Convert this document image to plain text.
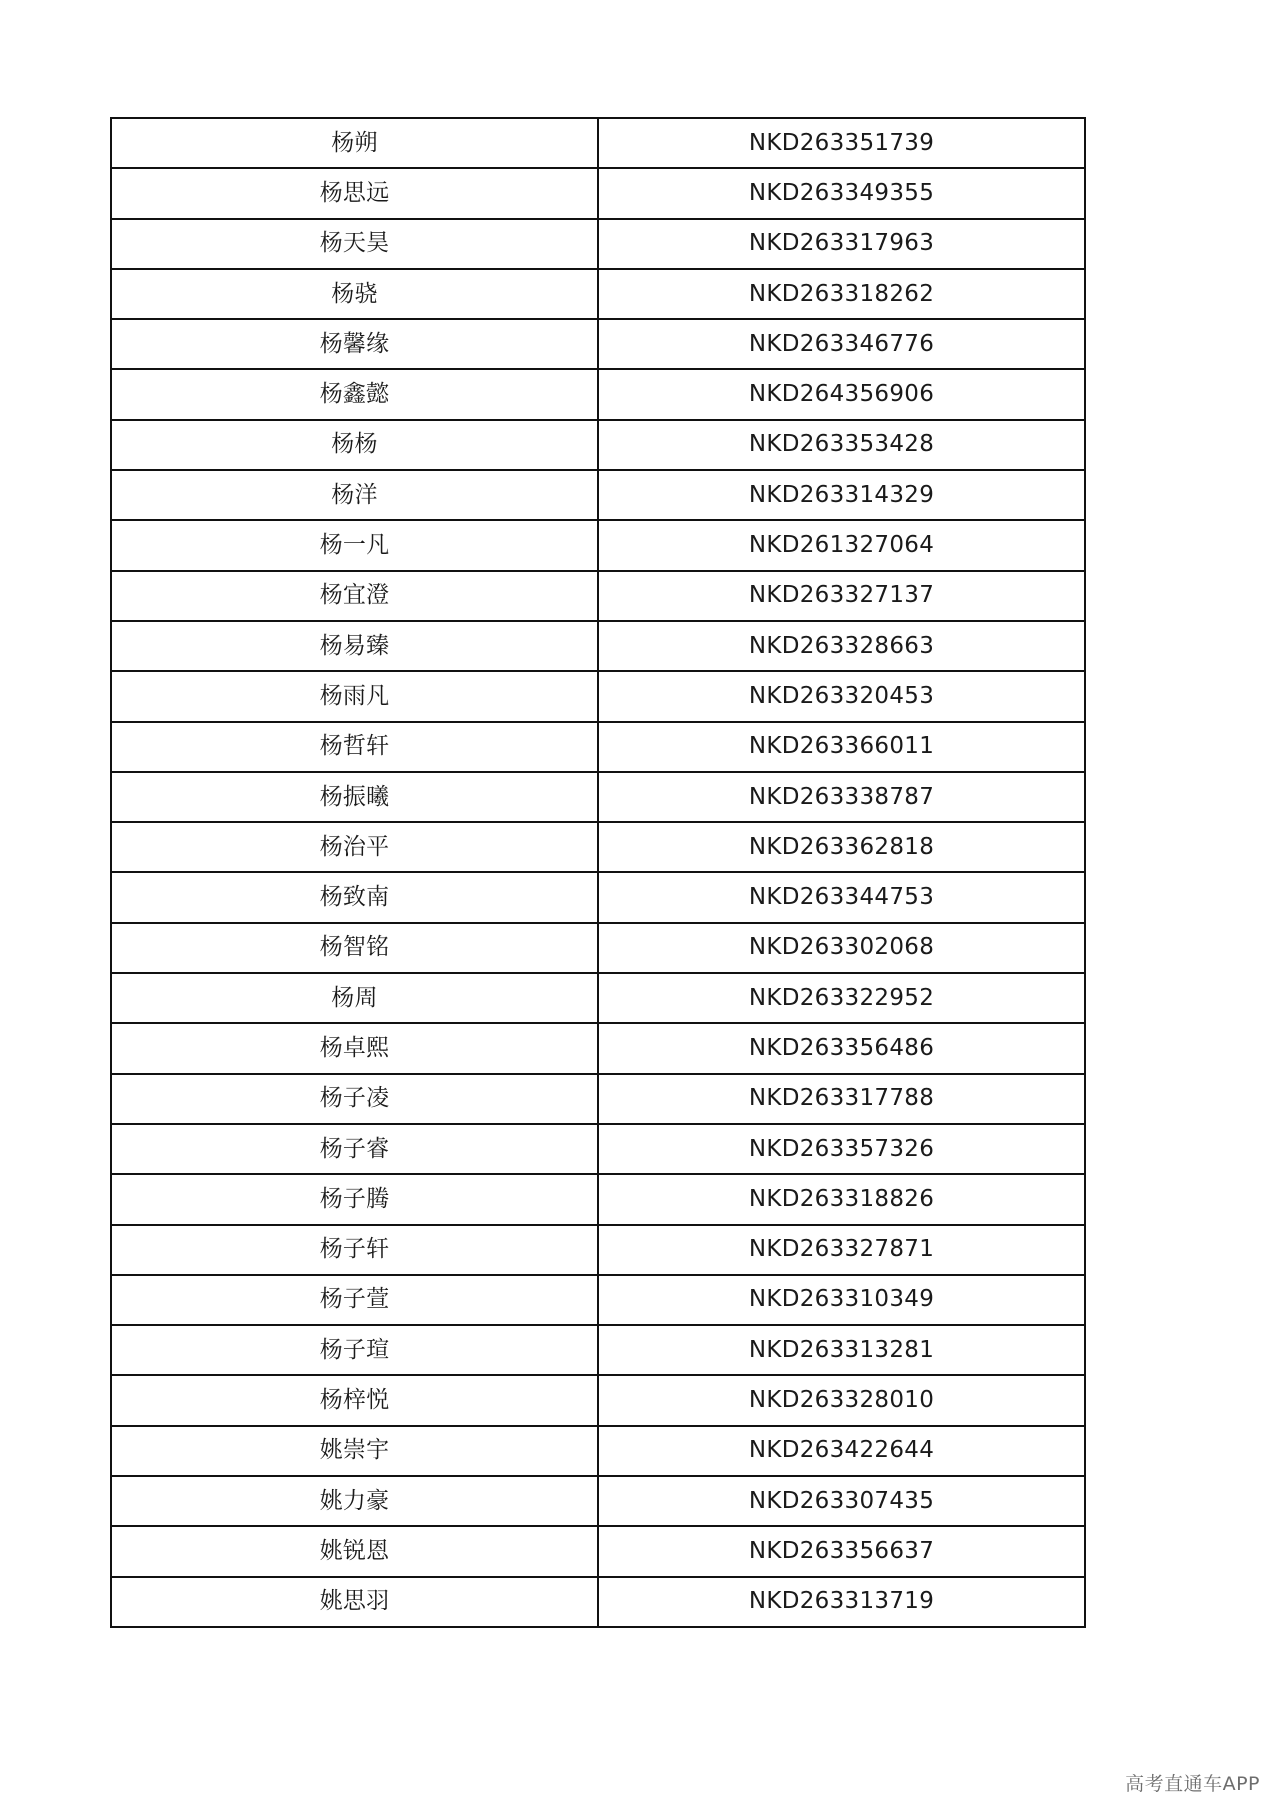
杨朔	NKD263351739
杨思远	NKD263349355
杨天昊	NKD263317963
杨骁	NKD263318262
杨馨缘	NKD263346776
杨鑫懿	NKD264356906
杨杨	NKD263353428
杨洋	NKD263314329
杨一凡	NKD261327064
杨宜澄	NKD263327137
杨易臻	NKD263328663
杨雨凡	NKD263320453
杨哲轩	NKD263366011
杨振曦	NKD263338787
杨治平	NKD263362818
杨致南	NKD263344753
杨智铭	NKD263302068
杨周	NKD263322952
杨卓熙	NKD263356486
杨子凌	NKD263317788
杨子睿	NKD263357326
杨子腾	NKD263318826
杨子轩	NKD263327871
杨子萱	NKD263310349
杨子瑄	NKD263313281
杨梓悦	NKD263328010
姚崇宇	NKD263422644
姚力豪	NKD263307435
姚锐恩	NKD263356637
姚思羽	NKD263313719
高考直通车APP
